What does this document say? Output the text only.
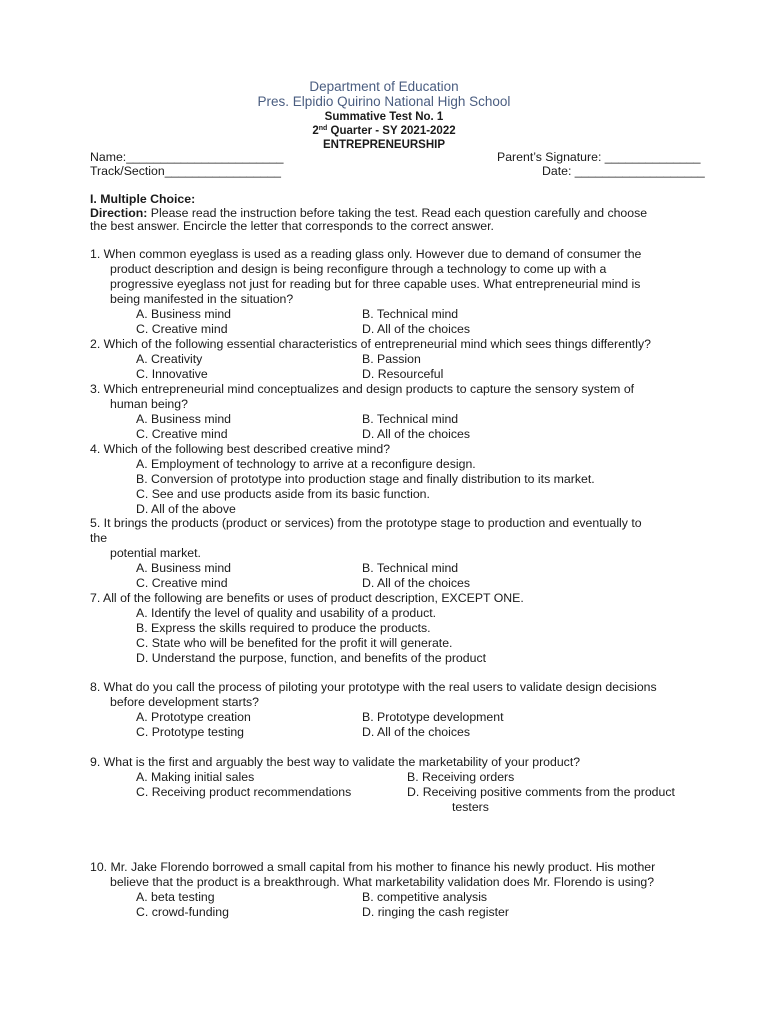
Department of Education
Pres. Elpidio Quirino National High School
Summative Test No. 1
2nd Quarter - SY 2021-2022
ENTREPRENEURSHIP
Name:_______________________	Parent’s Signature: ______________
Track/Section_________________	Date: ___________________
I. Multiple Choice:
Direction: Please read the instruction before taking the test. Read each question carefully and choose
the best answer. Encircle the letter that corresponds to the correct answer.
1. When common eyeglass is used as a reading glass only. However due to demand of consumer the
product description and design is being reconfigure through a technology to come up with a
progressive eyeglass not just for reading but for three capable uses. What entrepreneurial mind is
being manifested in the situation?
A. Business mind	B. Technical mind
C. Creative mind	D. All of the choices
2. Which of the following essential characteristics of entrepreneurial mind which sees things differently?
A. Creativity	B. Passion
C. Innovative	D. Resourceful
3. Which entrepreneurial mind conceptualizes and design products to capture the sensory system of
human being?
A. Business mind	B. Technical mind
C. Creative mind	D. All of the choices
4. Which of the following best described creative mind?
A. Employment of technology to arrive at a reconfigure design.
B. Conversion of prototype into production stage and finally distribution to its market.
C. See and use products aside from its basic function.
D. All of the above
5. It brings the products (product or services) from the prototype stage to production and eventually to
the
potential market.
A. Business mind	B. Technical mind
C. Creative mind	D. All of the choices
7. All of the following are benefits or uses of product description, EXCEPT ONE.
A. Identify the level of quality and usability of a product.
B. Express the skills required to produce the products.
C. State who will be benefited for the profit it will generate.
D. Understand the purpose, function, and benefits of the product
8. What do you call the process of piloting your prototype with the real users to validate design decisions
before development starts?
A. Prototype creation	B. Prototype development
C. Prototype testing	D. All of the choices
9. What is the first and arguably the best way to validate the marketability of your product?
A. Making initial sales	B. Receiving orders
C. Receiving product recommendations	D. Receiving positive comments from the product
testers
10. Mr. Jake Florendo borrowed a small capital from his mother to finance his newly product. His mother
believe that the product is a breakthrough. What marketability validation does Mr. Florendo is using?
A. beta testing	B. competitive analysis
C. crowd-funding	D. ringing the cash register
